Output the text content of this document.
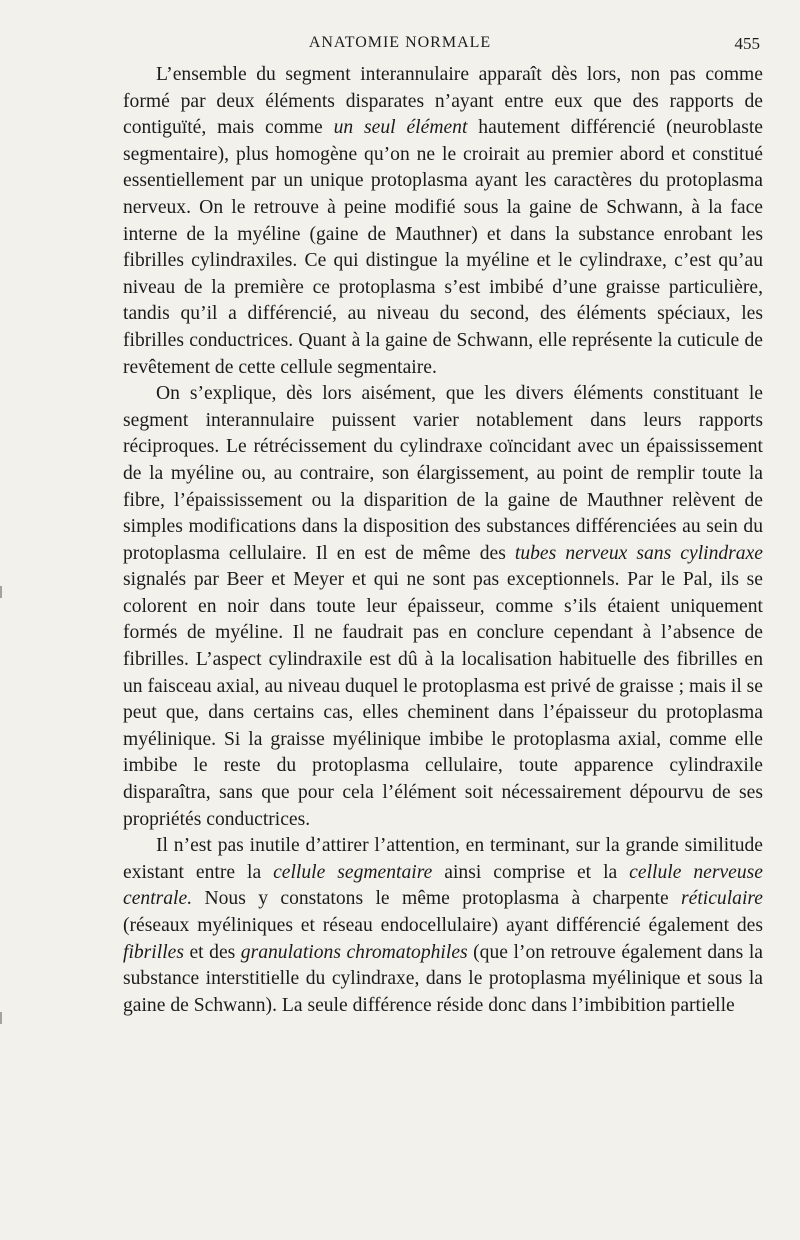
ANATOMIE NORMALE	455

L’ensemble du segment interannulaire apparaît dès lors, non pas comme formé par deux éléments disparates n’ayant entre eux que des rapports de contiguïté, mais comme un seul élément hautement différencié (neuroblaste segmentaire), plus homogène qu’on ne le croirait au premier abord et constitué essentiellement par un unique protoplasma ayant les caractères du protoplasma nerveux. On le retrouve à peine modifié sous la gaine de Schwann, à la face interne de la myéline (gaine de Mauthner) et dans la substance enrobant les fibrilles cylindraxiles. Ce qui distingue la myéline et le cylindraxe, c’est qu’au niveau de la première ce protoplasma s’est imbibé d’une graisse particulière, tandis qu’il a différencié, au niveau du second, des éléments spéciaux, les fibrilles conductrices. Quant à la gaine de Schwann, elle représente la cuticule de revêtement de cette cellule segmentaire.

On s’explique, dès lors aisément, que les divers éléments constituant le segment interannulaire puissent varier notablement dans leurs rapports réciproques. Le rétrécissement du cylindraxe coïncidant avec un épaississement de la myéline ou, au contraire, son élargissement, au point de remplir toute la fibre, l’épaississement ou la disparition de la gaine de Mauthner relèvent de simples modifications dans la disposition des substances différenciées au sein du protoplasma cellulaire. Il en est de même des tubes nerveux sans cylindraxe signalés par Beer et Meyer et qui ne sont pas exceptionnels. Par le Pal, ils se colorent en noir dans toute leur épaisseur, comme s’ils étaient uniquement formés de myéline. Il ne faudrait pas en conclure cependant à l’absence de fibrilles. L’aspect cylindraxile est dû à la localisation habituelle des fibrilles en un faisceau axial, au niveau duquel le protoplasma est privé de graisse ; mais il se peut que, dans certains cas, elles cheminent dans l’épaisseur du protoplasma myélinique. Si la graisse myélinique imbibe le protoplasma axial, comme elle imbibe le reste du protoplasma cellulaire, toute apparence cylindraxile disparaîtra, sans que pour cela l’élément soit nécessairement dépourvu de ses propriétés conductrices.

Il n’est pas inutile d’attirer l’attention, en terminant, sur la grande similitude existant entre la cellule segmentaire ainsi comprise et la cellule nerveuse centrale. Nous y constatons le même protoplasma à charpente réticulaire (réseaux myéliniques et réseau endocellulaire) ayant différencié également des fibrilles et des granulations chromatophiles (que l’on retrouve également dans la substance interstitielle du cylindraxe, dans le protoplasma myélinique et sous la gaine de Schwann). La seule différence réside donc dans l’imbibition partielle
